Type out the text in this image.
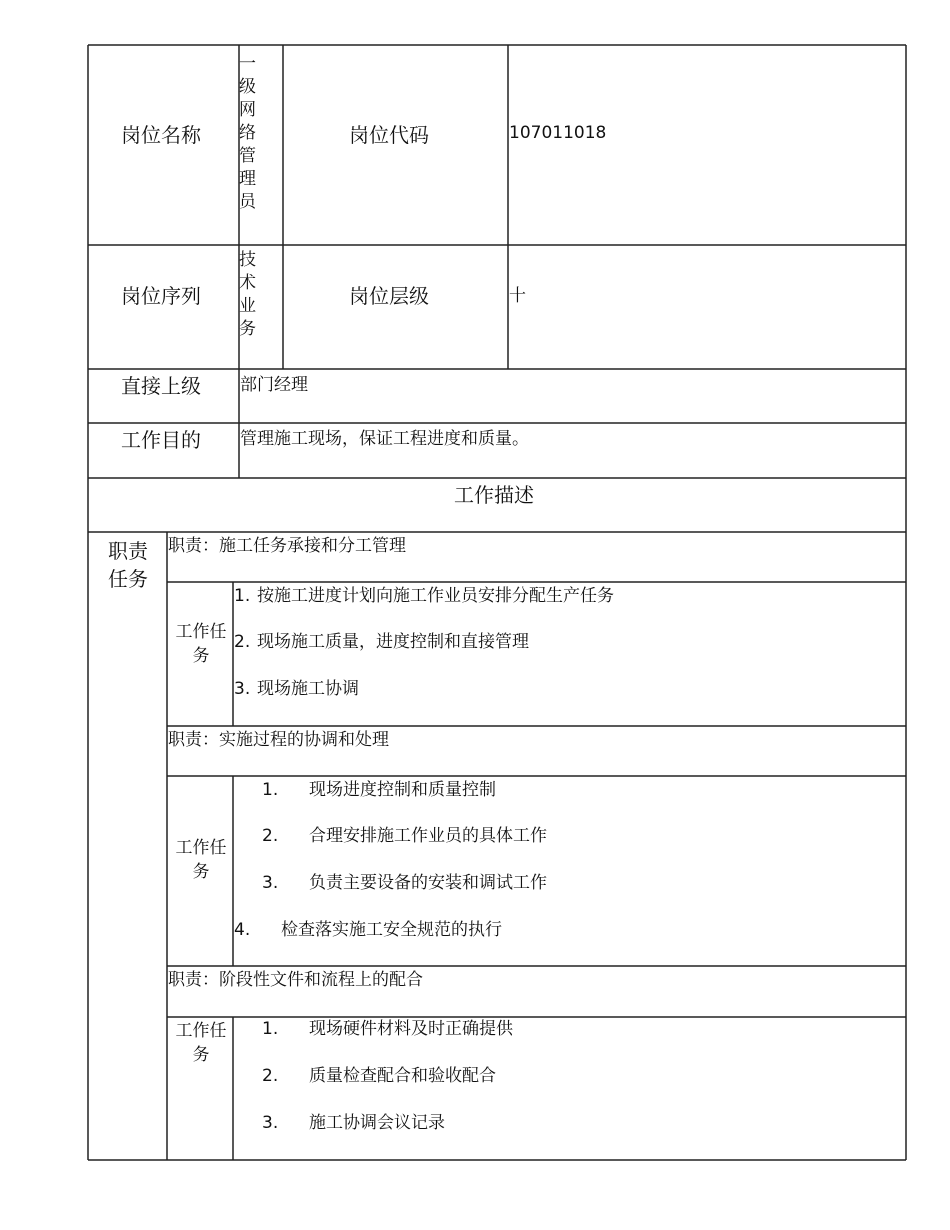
岗位名称
一级网络管理员
岗位代码	107011018
岗位序列
技术业务
岗位层级	十
直接上级 部门经理
工作目的 管理施工现场，保证工程进度和质量。
工作描述
职责任务
职责：施工任务承接和分工管理
工作任务
1. 按施工进度计划向施工作业员安排分配生产任务
2. 现场施工质量，进度控制和直接管理
3. 现场施工协调
职责：实施过程的协调和处理
工作任务
1. 现场进度控制和质量控制
2. 合理安排施工作业员的具体工作
3. 负责主要设备的安装和调试工作
4. 检查落实施工安全规范的执行
职责：阶段性文件和流程上的配合
工作任务
1. 现场硬件材料及时正确提供
2. 质量检查配合和验收配合
3. 施工协调会议记录
